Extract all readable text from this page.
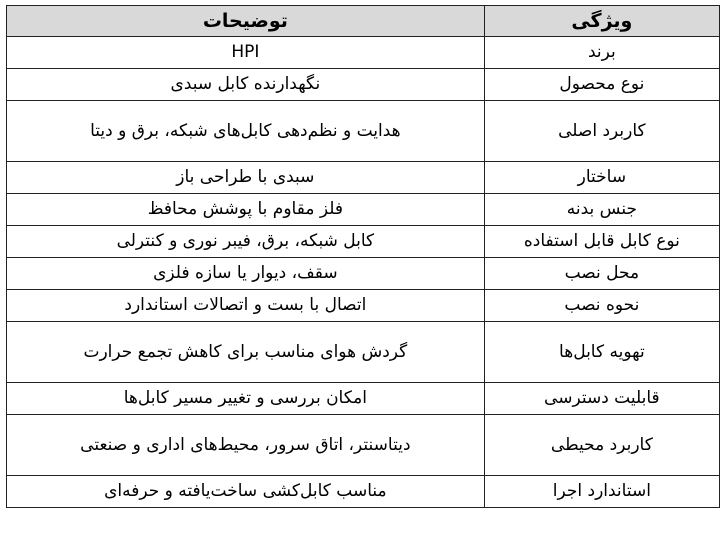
ویژگی	توضیحات
برند	HPI
نوع محصول	نگهدارنده کابل سبدی
کاربرد اصلی	هدایت و نظم‌دهی کابل‌های شبکه، برق و دیتا
ساختار	سبدی با طراحی باز
جنس بدنه	فلز مقاوم با پوشش محافظ
نوع کابل قابل استفاده	کابل شبکه، برق، فیبر نوری و کنترلی
محل نصب	سقف، دیوار یا سازه فلزی
نحوه نصب	اتصال با بست و اتصالات استاندارد
تهویه کابل‌ها	گردش هوای مناسب برای کاهش تجمع حرارت
قابلیت دسترسی	امکان بررسی و تغییر مسیر کابل‌ها
کاربرد محیطی	دیتاسنتر، اتاق سرور، محیط‌های اداری و صنعتی
استاندارد اجرا	مناسب کابل‌کشی ساخت‌یافته و حرفه‌ای
